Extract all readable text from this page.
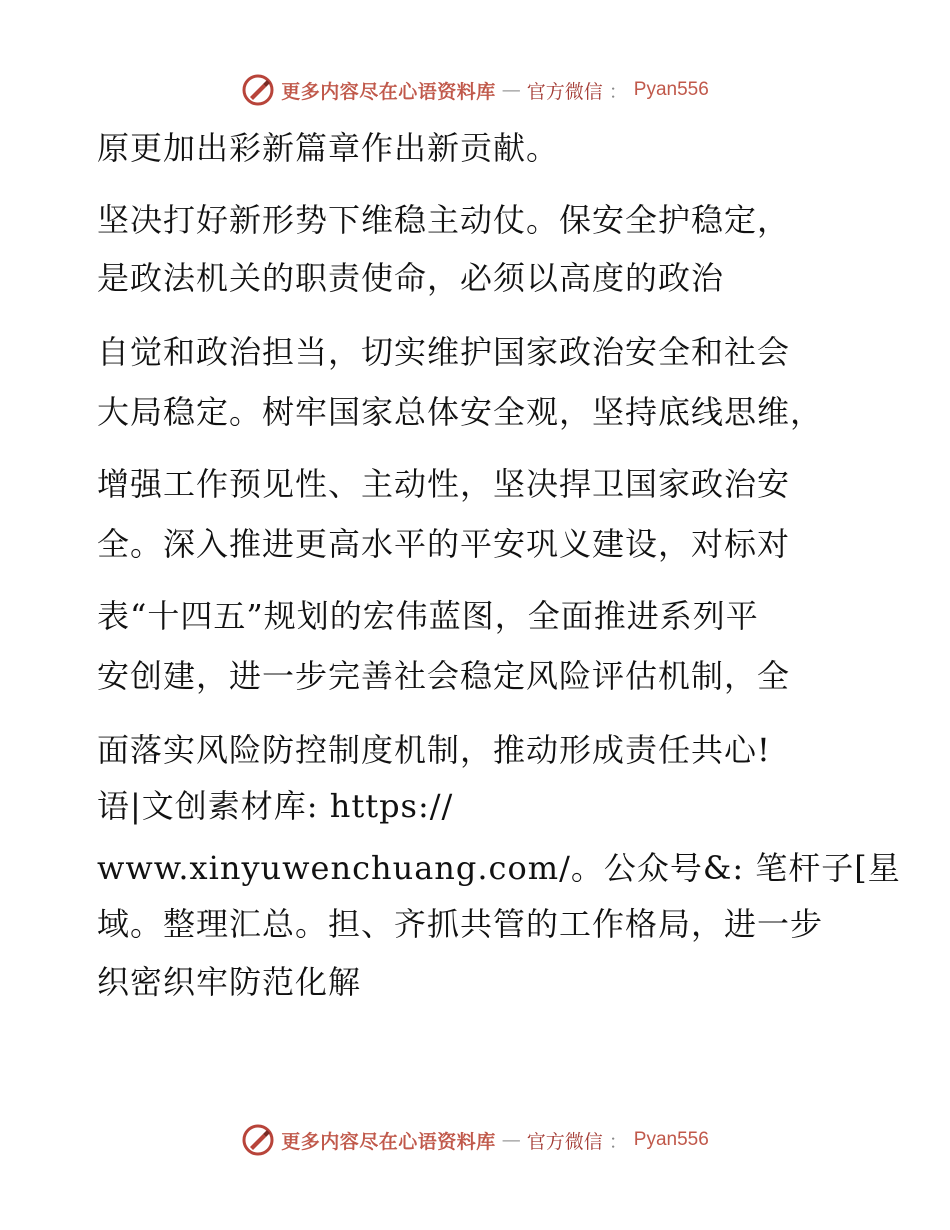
更多内容尽在心语资料库 — 官方微信 ： Pyan556
原更加出彩新篇章作出新贡献。
坚决打好新形势下维稳主动仗。保安全护稳定，
是政法机关的职责使命，必须以高度的政治
自觉和政治担当，切实维护国家政治安全和社会
大局稳定。树牢国家总体安全观，坚持底线思维，
增强工作预见性、主动性，坚决捍卫国家政治安
全。深入推进更高水平的平安巩义建设，对标对
表“十四五”规划的宏伟蓝图，全面推进系列平
安创建，进一步完善社会稳定风险评估机制，全
面落实风险防控制度机制，推动形成责任共心!
语|文创素材库: https://
www.xinyuwenchuang.com/。公众号&: 笔杆子[星
域。整理汇总。担、齐抓共管的工作格局，进一步
织密织牢防范化解
更多内容尽在心语资料库 — 官方微信 ： Pyan556
